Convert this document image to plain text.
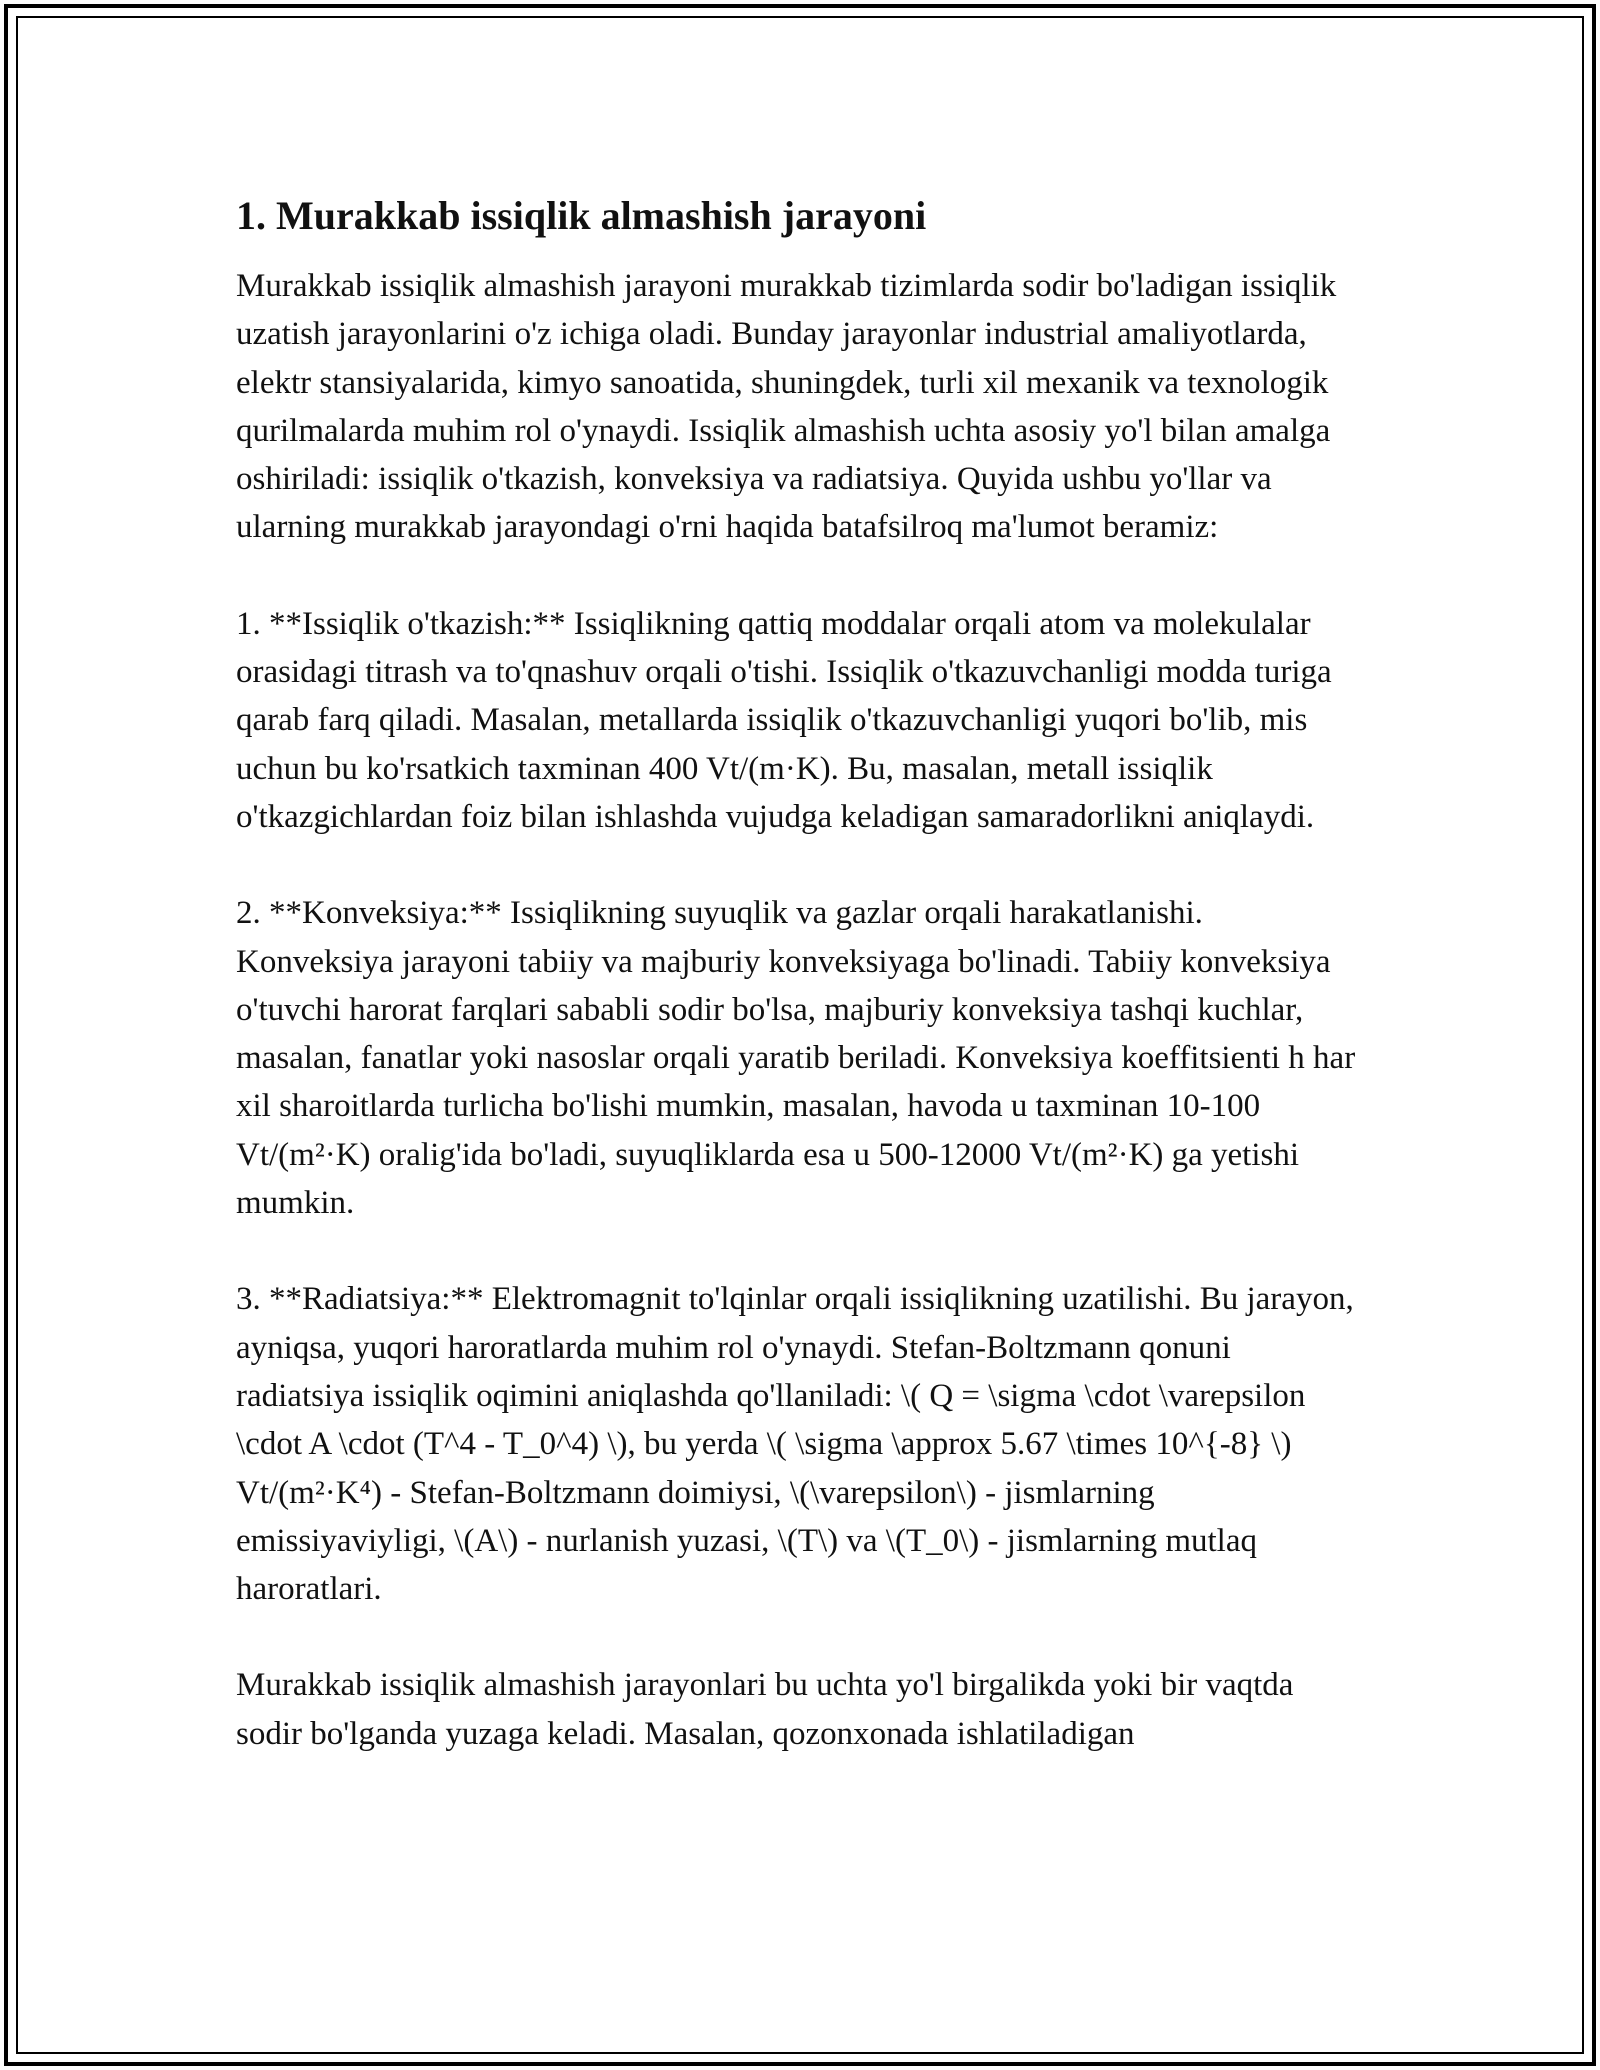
1. Murakkab issiqlik almashish jarayoni

Murakkab issiqlik almashish jarayoni murakkab tizimlarda sodir bo'ladigan issiqlik uzatish jarayonlarini o'z ichiga oladi. Bunday jarayonlar industrial amaliyotlarda, elektr stansiyalarida, kimyo sanoatida, shuningdek, turli xil mexanik va texnologik qurilmalarda muhim rol o'ynaydi. Issiqlik almashish uchta asosiy yo'l bilan amalga oshiriladi: issiqlik o'tkazish, konveksiya va radiatsiya. Quyida ushbu yo'llar va ularning murakkab jarayondagi o'rni haqida batafsilroq ma'lumot beramiz:

1. **Issiqlik o'tkazish:** Issiqlikning qattiq moddalar orqali atom va molekulalar orasidagi titrash va to'qnashuv orqali o'tishi. Issiqlik o'tkazuvchanligi modda turiga qarab farq qiladi. Masalan, metallarda issiqlik o'tkazuvchanligi yuqori bo'lib, mis uchun bu ko'rsatkich taxminan 400 Vt/(m·K). Bu, masalan, metall issiqlik o'tkazgichlardan foiz bilan ishlashda vujudga keladigan samaradorlikni aniqlaydi.

2. **Konveksiya:** Issiqlikning suyuqlik va gazlar orqali harakatlanishi. Konveksiya jarayoni tabiiy va majburiy konveksiyaga bo'linadi. Tabiiy konveksiya o'tuvchi harorat farqlari sababli sodir bo'lsa, majburiy konveksiya tashqi kuchlar, masalan, fanatlar yoki nasoslar orqali yaratib beriladi. Konveksiya koeffitsienti h har xil sharoitlarda turlicha bo'lishi mumkin, masalan, havoda u taxminan 10-100 Vt/(m²·K) oralig'ida bo'ladi, suyuqliklarda esa u 500-12000 Vt/(m²·K) ga yetishi mumkin.

3. **Radiatsiya:** Elektromagnit to'lqinlar orqali issiqlikning uzatilishi. Bu jarayon, ayniqsa, yuqori haroratlarda muhim rol o'ynaydi. Stefan-Boltzmann qonuni radiatsiya issiqlik oqimini aniqlashda qo'llaniladi: \( Q = \sigma \cdot \varepsilon \cdot A \cdot (T^4 - T_0^4) \), bu yerda \( \sigma \approx 5.67 \times 10^{-8} \) Vt/(m²·K⁴) - Stefan-Boltzmann doimiysi, \(\varepsilon\) - jismlarning emissiyaviyligi, \(A\) - nurlanish yuzasi, \(T\) va \(T_0\) - jismlarning mutlaq haroratlari.

Murakkab issiqlik almashish jarayonlari bu uchta yo'l birgalikda yoki bir vaqtda sodir bo'lganda yuzaga keladi. Masalan, qozonxonada ishlatiladigan
